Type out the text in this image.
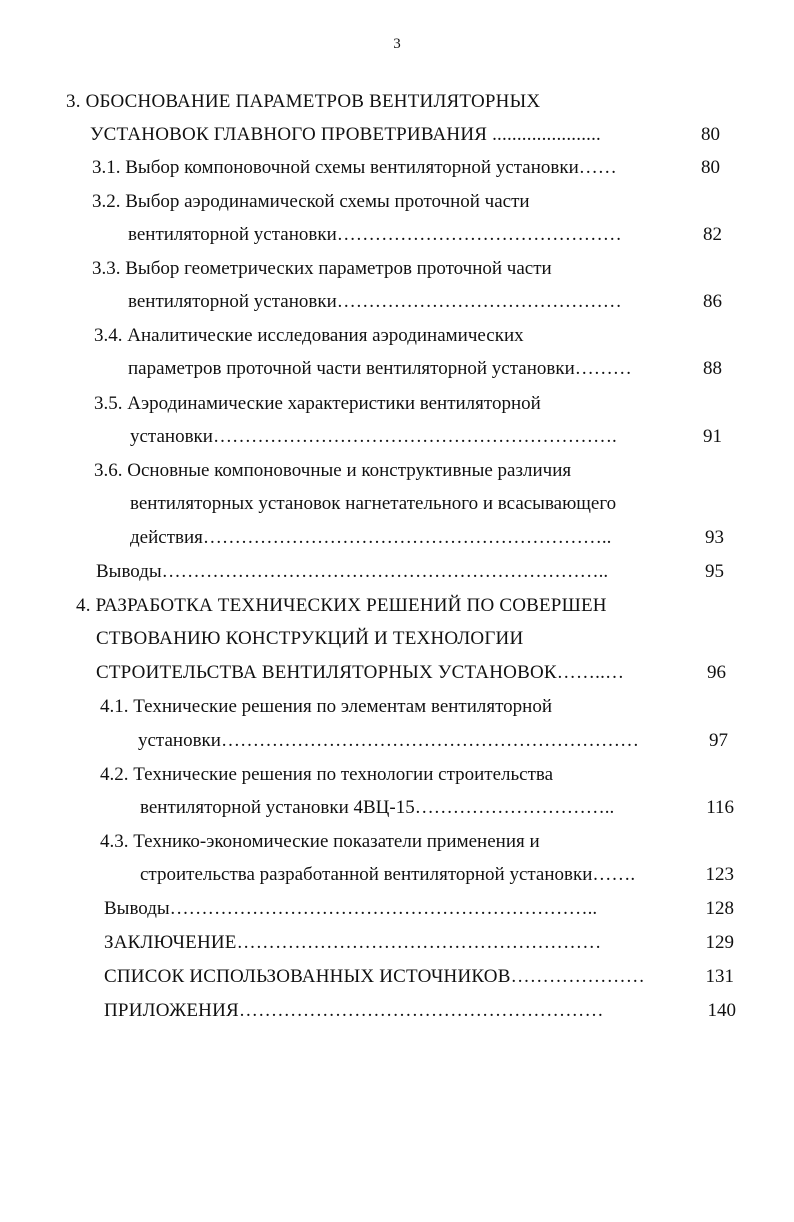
3
3. ОБОСНОВАНИЕ ПАРАМЕТРОВ ВЕНТИЛЯТОРНЫХ
УСТАНОВОК ГЛАВНОГО ПРОВЕТРИВАНИЯ ......................	80
3.1. Выбор компоновочной схемы вентиляторной установки……	80
3.2. Выбор аэродинамической схемы проточной части
вентиляторной установки………………………………………	82
3.3. Выбор геометрических параметров проточной части
вентиляторной установки………………………………………	86
3.4. Аналитические исследования аэродинамических
параметров проточной части вентиляторной установки………	88
3.5. Аэродинамические характеристики вентиляторной
установки……………………………………………………….	91
3.6. Основные компоновочные и конструктивные различия
вентиляторных установок нагнетательного и всасывающего
действия………………………………………………………..	93
Выводы……………………………………………………………..	95
4. РАЗРАБОТКА ТЕХНИЧЕСКИХ РЕШЕНИЙ ПО СОВЕРШЕН
СТВОВАНИЮ КОНСТРУКЦИЙ И ТЕХНОЛОГИИ
СТРОИТЕЛЬСТВА ВЕНТИЛЯТОРНЫХ УСТАНОВОК……..…	96
4.1. Технические решения по элементам вентиляторной
установки…………………………………………………………	97
4.2. Технические решения по технологии строительства
вентиляторной установки 4ВЦ-15…………………………..	116
4.3. Технико-экономические показатели применения и
строительства разработанной вентиляторной установки…….	123
Выводы…………………………………………………………..	128
ЗАКЛЮЧЕНИЕ…………………………………………………	129
СПИСОК ИСПОЛЬЗОВАННЫХ ИСТОЧНИКОВ…………………	131
ПРИЛОЖЕНИЯ…………………………………………………	140
